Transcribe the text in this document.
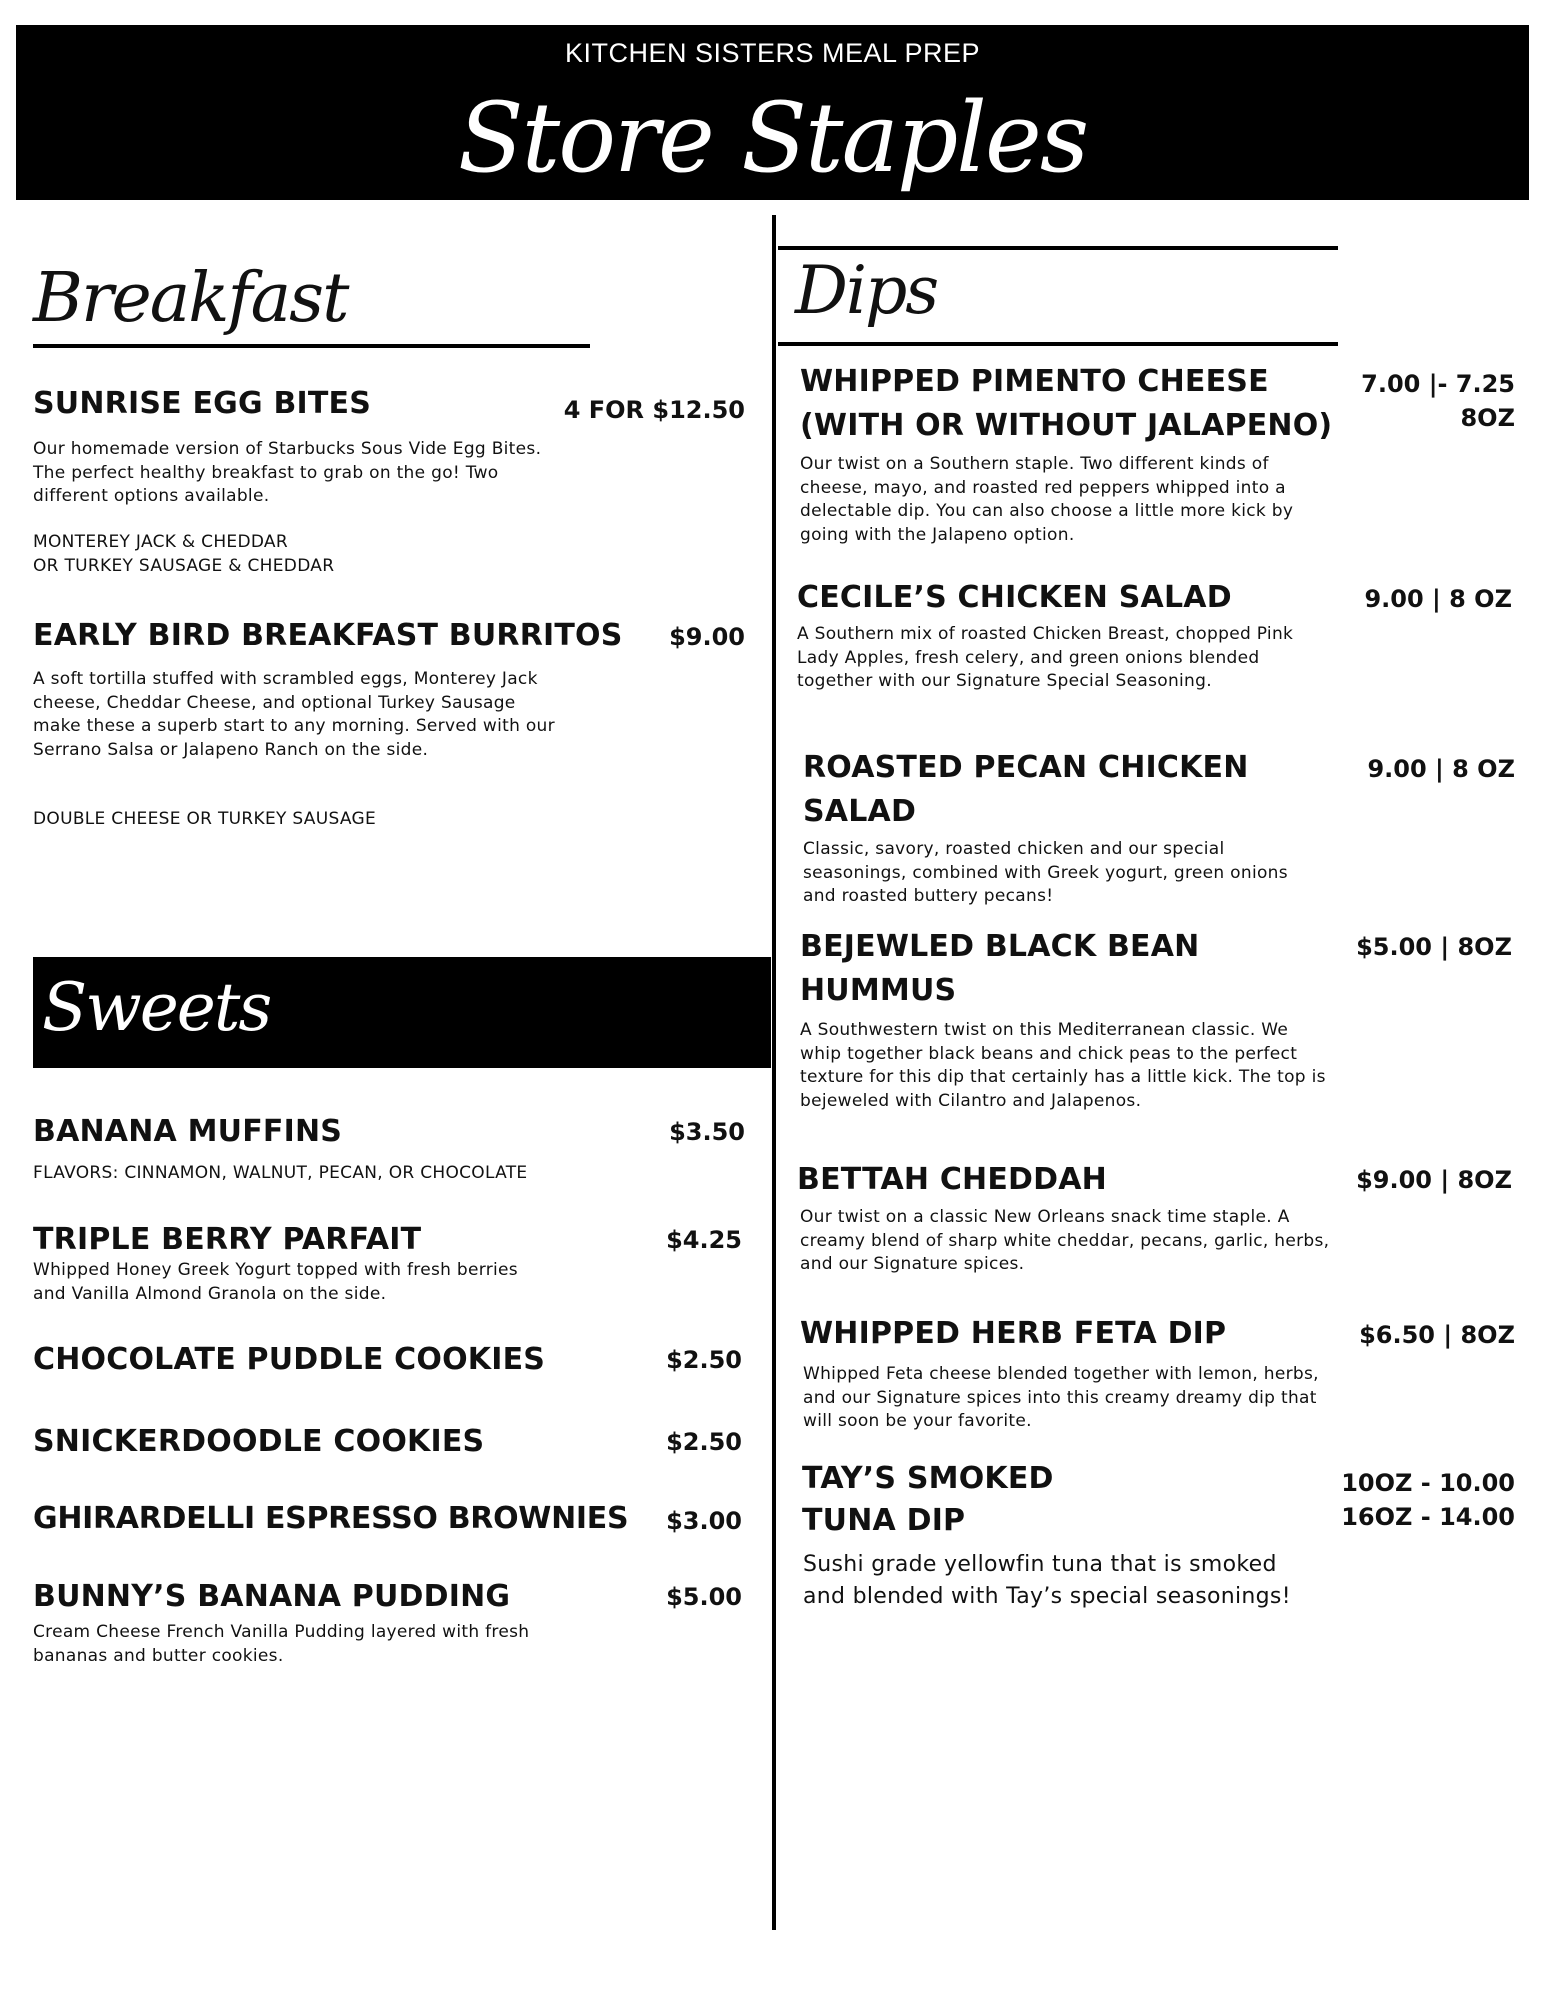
KITCHEN SISTERS MEAL PREP
Store Staples
Breakfast
SUNRISE EGG BITES	4 FOR $12.50
Our homemade version of Starbucks Sous Vide Egg Bites. The perfect healthy breakfast to grab on the go! Two different options available.
MONTEREY JACK & CHEDDAR
OR TURKEY SAUSAGE & CHEDDAR
EARLY BIRD BREAKFAST BURRITOS	$9.00
A soft tortilla stuffed with scrambled eggs, Monterey Jack cheese, Cheddar Cheese, and optional Turkey Sausage make these a superb start to any morning. Served with our Serrano Salsa or Jalapeno Ranch on the side.
DOUBLE CHEESE OR TURKEY SAUSAGE
Sweets
BANANA MUFFINS	$3.50
FLAVORS: CINNAMON, WALNUT, PECAN, OR CHOCOLATE
TRIPLE BERRY PARFAIT	$4.25
Whipped Honey Greek Yogurt topped with fresh berries and Vanilla Almond Granola on the side.
CHOCOLATE PUDDLE COOKIES	$2.50
SNICKERDOODLE COOKIES	$2.50
GHIRARDELLI ESPRESSO BROWNIES	$3.00
BUNNY’S BANANA PUDDING	$5.00
Cream Cheese French Vanilla Pudding layered with fresh bananas and butter cookies.
Dips
WHIPPED PIMENTO CHEESE
(WITH OR WITHOUT JALAPENO)
7.00 |- 7.25
8OZ
Our twist on a Southern staple. Two different kinds of cheese, mayo, and roasted red peppers whipped into a delectable dip. You can also choose a little more kick by going with the Jalapeno option.
CECILE’S CHICKEN SALAD	9.00 | 8 OZ
A Southern mix of roasted Chicken Breast, chopped Pink Lady Apples, fresh celery, and green onions blended together with our Signature Special Seasoning.
ROASTED PECAN CHICKEN
SALAD
9.00 | 8 OZ
Classic, savory, roasted chicken and our special seasonings, combined with Greek yogurt, green onions and roasted buttery pecans!
BEJEWLED BLACK BEAN
HUMMUS
$5.00 | 8OZ
A Southwestern twist on this Mediterranean classic. We whip together black beans and chick peas to the perfect texture for this dip that certainly has a little kick. The top is bejeweled with Cilantro and Jalapenos.
BETTAH CHEDDAH	$9.00 | 8OZ
Our twist on a classic New Orleans snack time staple. A creamy blend of sharp white cheddar, pecans, garlic, herbs, and our Signature spices.
WHIPPED HERB FETA DIP	$6.50 | 8OZ
Whipped Feta cheese blended together with lemon, herbs, and our Signature spices into this creamy dreamy dip that will soon be your favorite.
TAY’S SMOKED
TUNA DIP
10OZ - 10.00
16OZ - 14.00
Sushi grade yellowfin tuna that is smoked and blended with Tay’s special seasonings!
